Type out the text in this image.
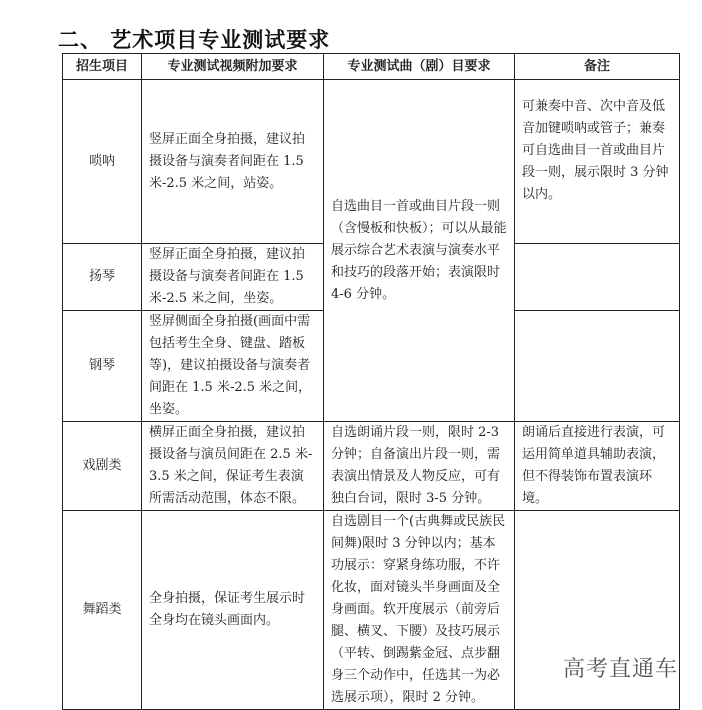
二、 艺术项目专业测试要求
招生项目	专业测试视频附加要求	专业测试曲（剧）目要求	备注
唢呐	竖屏正面全身拍摄，建议拍摄设备与演奏者间距在 1.5 米-2.5 米之间，站姿。	自选曲目一首或曲目片段一则（含慢板和快板）；可以从最能展示综合艺术表演与演奏水平和技巧的段落开始；表演限时 4-6 分钟。	可兼奏中音、次中音及低音加键唢呐或管子；兼奏可自选曲目一首或曲目片段一则，展示限时 3 分钟以内。
扬琴	竖屏正面全身拍摄，建议拍摄设备与演奏者间距在 1.5 米-2.5 米之间，坐姿。		
钢琴	竖屏侧面全身拍摄(画面中需包括考生全身、键盘、踏板等)，建议拍摄设备与演奏者间距在 1.5 米-2.5 米之间，坐姿。		
戏剧类	横屏正面全身拍摄，建议拍摄设备与演员间距在 2.5 米-3.5 米之间，保证考生表演所需活动范围，体态不限。	自选朗诵片段一则，限时 2-3 分钟；自备演出片段一则，需表演出情景及人物反应，可有独白台词，限时 3-5 分钟。	朗诵后直接进行表演，可运用简单道具辅助表演，但不得装饰布置表演环境。
舞蹈类	全身拍摄，保证考生展示时全身均在镜头画面内。	自选剧目一个(古典舞或民族民间舞)限时 3 分钟以内；基本功展示：穿紧身练功服，不许化妆，面对镜头半身画面及全身画面。软开度展示（前旁后腿、横叉、下腰）及技巧展示（平转、倒踢紫金冠、点步翻身三个动作中，任选其一为必选展示项），限时 2 分钟。	
高考直通车
